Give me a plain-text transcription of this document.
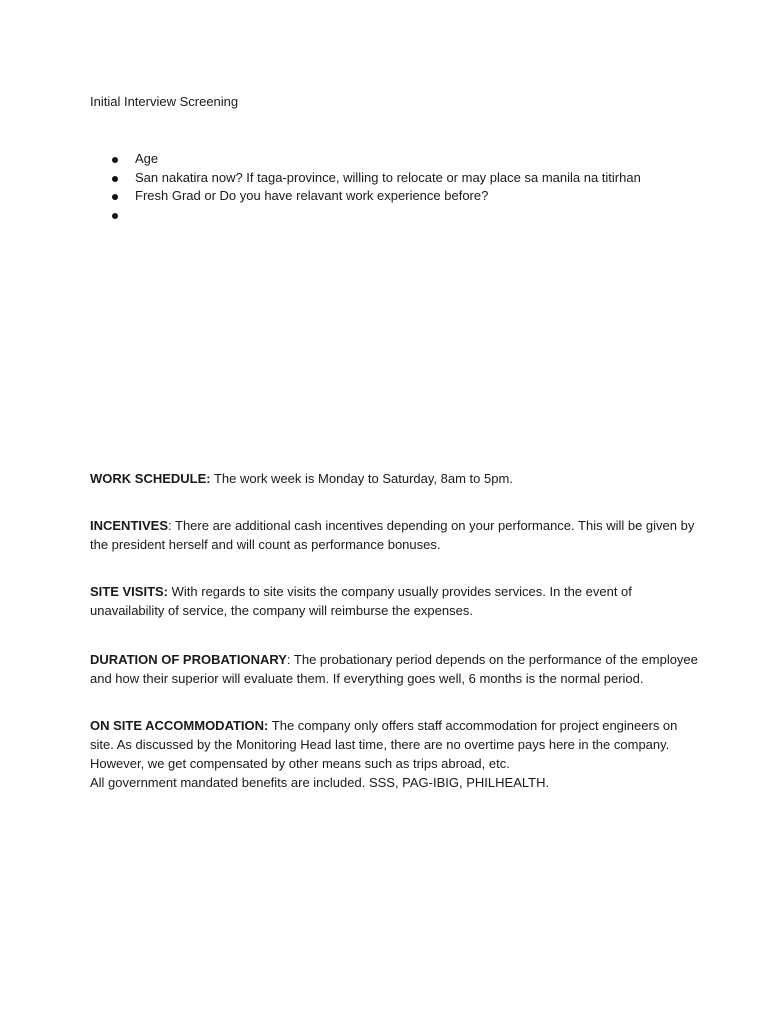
Initial Interview Screening

Age
San nakatira now? If taga-province, willing to relocate or may place sa manila na titirhan
Fresh Grad or Do you have relavant work experience before?

WORK SCHEDULE: The work week is Monday to Saturday, 8am to 5pm.

INCENTIVES: There are additional cash incentives depending on your performance. This will be given by
the president herself and will count as performance bonuses.

SITE VISITS: With regards to site visits the company usually provides services. In the event of
unavailability of service, the company will reimburse the expenses.

DURATION OF PROBATIONARY: The probationary period depends on the performance of the employee
and how their superior will evaluate them. If everything goes well, 6 months is the normal period.

ON SITE ACCOMMODATION: The company only offers staff accommodation for project engineers on
site. As discussed by the Monitoring Head last time, there are no overtime pays here in the company.
However, we get compensated by other means such as trips abroad, etc.
All government mandated benefits are included. SSS, PAG-IBIG, PHILHEALTH.
